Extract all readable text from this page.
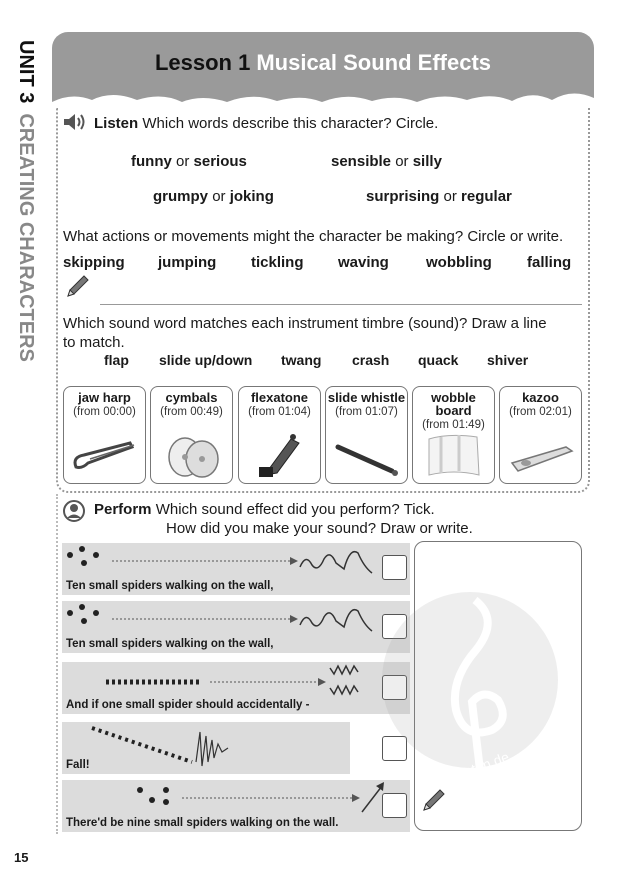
UNIT 3CREATING CHARACTERS
15
Lesson 1 Musical Sound Effects
Listen Which words describe this character? Circle.
funny or serious	sensible or silly
grumpy or joking	surprising or regular
What actions or movements might the character be making? Circle or write.
skipping jumping tickling waving wobbling falling
Which sound word matches each instrument timbre (sound)? Draw a line
to match.
flap slide up/down twang crash quack shiver
jaw harp
(from 00:00)
cymbals
(from 00:49)
flexatone
(from 01:04)
slide whistle
(from 01:07)
wobble board
(from 01:49)
kazoo
(from 02:01)
Perform Which sound effect did you perform? Tick.
How did you make your sound? Draw or write.
Ten small spiders walking on the wall,
Ten small spiders walking on the wall,
And if one small spider should accidentally -
Fall!
There'd be nine small spiders walking on the wall.
alle-noten.de
